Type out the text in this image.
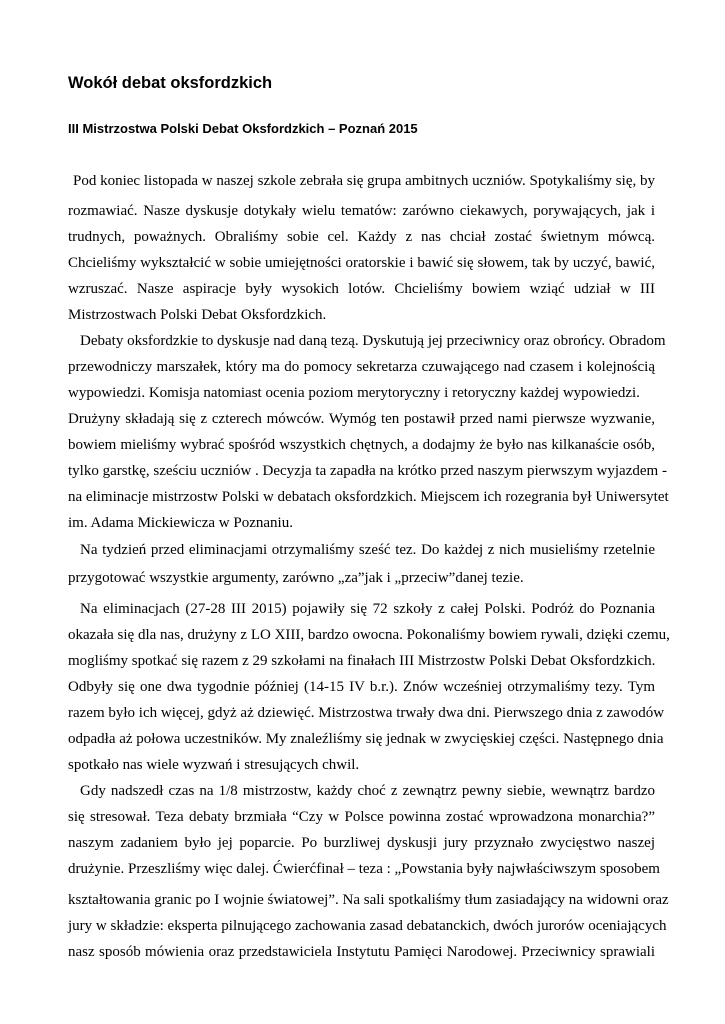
Wokół debat oksfordzkich
III Mistrzostwa Polski Debat Oksfordzkich – Poznań 2015

Pod koniec listopada w naszej szkole zebrała się grupa ambitnych uczniów. Spotykaliśmy się, by

rozmawiać. Nasze dyskusje dotykały wielu tematów: zarówno ciekawych, porywających, jak i

trudnych, poważnych. Obraliśmy sobie cel. Każdy z nas chciał zostać świetnym mówcą.

Chcieliśmy wykształcić w sobie umiejętności oratorskie i bawić się słowem, tak by uczyć, bawić,

wzruszać. Nasze aspiracje były wysokich lotów. Chcieliśmy bowiem wziąć udział w III

Mistrzostwach Polski Debat Oksfordzkich.

Debaty oksfordzkie to dyskusje nad daną tezą. Dyskutują jej przeciwnicy oraz obrońcy. Obradom

przewodniczy marszałek, który ma do pomocy sekretarza czuwającego nad czasem i kolejnością

wypowiedzi. Komisja natomiast ocenia poziom merytoryczny i retoryczny każdej wypowiedzi.

Drużyny składają się z czterech mówców. Wymóg ten postawił przed nami pierwsze wyzwanie,

bowiem mieliśmy wybrać spośród wszystkich chętnych, a dodajmy że było nas kilkanaście osób,

tylko garstkę, sześciu uczniów . Decyzja ta zapadła na krótko przed naszym pierwszym wyjazdem -

na eliminacje mistrzostw Polski w debatach oksfordzkich. Miejscem ich rozegrania był Uniwersytet

im. Adama Mickiewicza w Poznaniu.

Na tydzień przed eliminacjami otrzymaliśmy sześć tez. Do każdej z nich musieliśmy rzetelnie

przygotować wszystkie argumenty, zarówno „za”jak i „przeciw”danej tezie.

Na eliminacjach (27-28 III 2015) pojawiły się 72 szkoły z całej Polski. Podróż do Poznania

okazała się dla nas, drużyny z LO XIII, bardzo owocna. Pokonaliśmy bowiem rywali, dzięki czemu,

mogliśmy spotkać się razem z 29 szkołami na finałach III Mistrzostw Polski Debat Oksfordzkich.

Odbyły się one dwa tygodnie później (14-15 IV b.r.). Znów wcześniej otrzymaliśmy tezy. Tym

razem było ich więcej, gdyż aż dziewięć. Mistrzostwa trwały dwa dni. Pierwszego dnia z zawodów

odpadła aż połowa uczestników. My znaleźliśmy się jednak w zwycięskiej części. Następnego dnia

spotkało nas wiele wyzwań i stresujących chwil.

Gdy nadszedł czas na 1/8 mistrzostw, każdy choć z zewnątrz pewny siebie, wewnątrz bardzo

się stresował. Teza debaty brzmiała “Czy w Polsce powinna zostać wprowadzona monarchia?”

naszym zadaniem było jej poparcie. Po burzliwej dyskusji jury przyznało zwycięstwo naszej

drużynie. Przeszliśmy więc dalej. Ćwierćfinał – teza : „Powstania były najwłaściwszym sposobem

kształtowania granic po I wojnie światowej”. Na sali spotkaliśmy tłum zasiadający na widowni oraz

jury w składzie: eksperta pilnującego zachowania zasad debatanckich, dwóch jurorów oceniających

nasz sposób mówienia oraz przedstawiciela Instytutu Pamięci Narodowej. Przeciwnicy sprawiali
